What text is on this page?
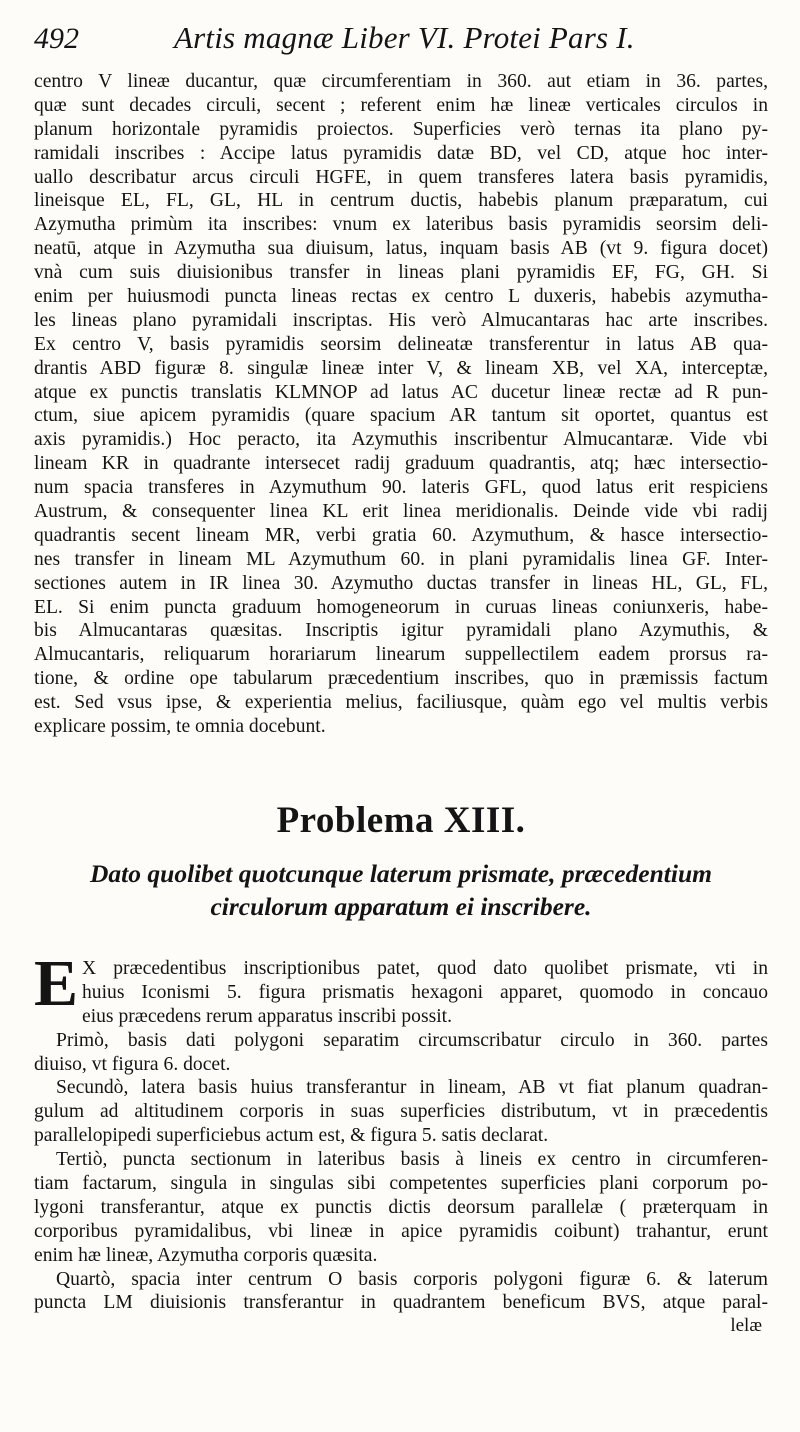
492	Artis magnæ Liber VI. Protei Pars I.
centro V lineæ ducantur, quæ circumferentiam in 360. aut etiam in 36. partes,
quæ sunt decades circuli, secent ; referent enim hæ lineæ verticales circulos in
planum horizontale pyramidis proiectos. Superficies verò ternas ita plano py-
ramidali inscribes : Accipe latus pyramidis datæ BD, vel CD, atque hoc inter-
uallo describatur arcus circuli HGFE, in quem transferes latera basis pyramidis,
lineisque EL, FL, GL, HL in centrum ductis, habebis planum præparatum, cui
Azymutha primùm ita inscribes: vnum ex lateribus basis pyramidis seorsim deli-
neatū, atque in Azymutha sua diuisum, latus, inquam basis AB (vt 9. figura docet)
vnà cum suis diuisionibus transfer in lineas plani pyramidis EF, FG, GH. Si
enim per huiusmodi puncta lineas rectas ex centro L duxeris, habebis azymutha-
les lineas plano pyramidali inscriptas. His verò Almucantaras hac arte inscribes.
Ex centro V, basis pyramidis seorsim delineatæ transferentur in latus AB qua-
drantis ABD figuræ 8. singulæ lineæ inter V, & lineam XB, vel XA, interceptæ,
atque ex punctis translatis KLMNOP ad latus AC ducetur lineæ rectæ ad R pun-
ctum, siue apicem pyramidis (quare spacium AR tantum sit oportet, quantus est
axis pyramidis.) Hoc peracto, ita Azymuthis inscribentur Almucantaræ. Vide vbi
lineam KR in quadrante intersecet radij graduum quadrantis, atq; hæc intersectio-
num spacia transferes in Azymuthum 90. lateris GFL, quod latus erit respiciens
Austrum, & consequenter linea KL erit linea meridionalis. Deinde vide vbi radij
quadrantis secent lineam MR, verbi gratia 60. Azymuthum, & hasce intersectio-
nes transfer in lineam ML Azymuthum 60. in plani pyramidalis linea GF. Inter-
sectiones autem in IR linea 30. Azymutho ductas transfer in lineas HL, GL, FL,
EL. Si enim puncta graduum homogeneorum in curuas lineas coniunxeris, habe-
bis Almucantaras quæsitas. Inscriptis igitur pyramidali plano Azymuthis, &
Almucantaris, reliquarum horariarum linearum suppellectilem eadem prorsus ra-
tione, & ordine ope tabularum præcedentium inscribes, quo in præmissis factum
est. Sed vsus ipse, & experientia melius, faciliusque, quàm ego vel multis verbis
explicare possim, te omnia docebunt.
Problema XIII.
Dato quolibet quotcunque laterum prismate, præcedentium
circulorum apparatum ei inscribere.
E X præcedentibus inscriptionibus patet, quod dato quolibet prismate, vti in
huius Iconismi 5. figura prismatis hexagoni apparet, quomodo in concauo
eius præcedens rerum apparatus inscribi possit.
Primò, basis dati polygoni separatim circumscribatur circulo in 360. partes
diuiso, vt figura 6. docet.
Secundò, latera basis huius transferantur in lineam, AB vt fiat planum quadran-
gulum ad altitudinem corporis in suas superficies distributum, vt in præcedentis
parallelopipedi superficiebus actum est, & figura 5. satis declarat.
Tertiò, puncta sectionum in lateribus basis à lineis ex centro in circumferen-
tiam factarum, singula in singulas sibi competentes superficies plani corporum po-
lygoni transferantur, atque ex punctis dictis deorsum parallelæ ( præterquam in
corporibus pyramidalibus, vbi lineæ in apice pyramidis coibunt) trahantur, erunt
enim hæ lineæ, Azymutha corporis quæsita.
Quartò, spacia inter centrum O basis corporis polygoni figuræ 6. & laterum
puncta LM diuisionis transferantur in quadrantem beneficum BVS, atque paral-
lelæ
